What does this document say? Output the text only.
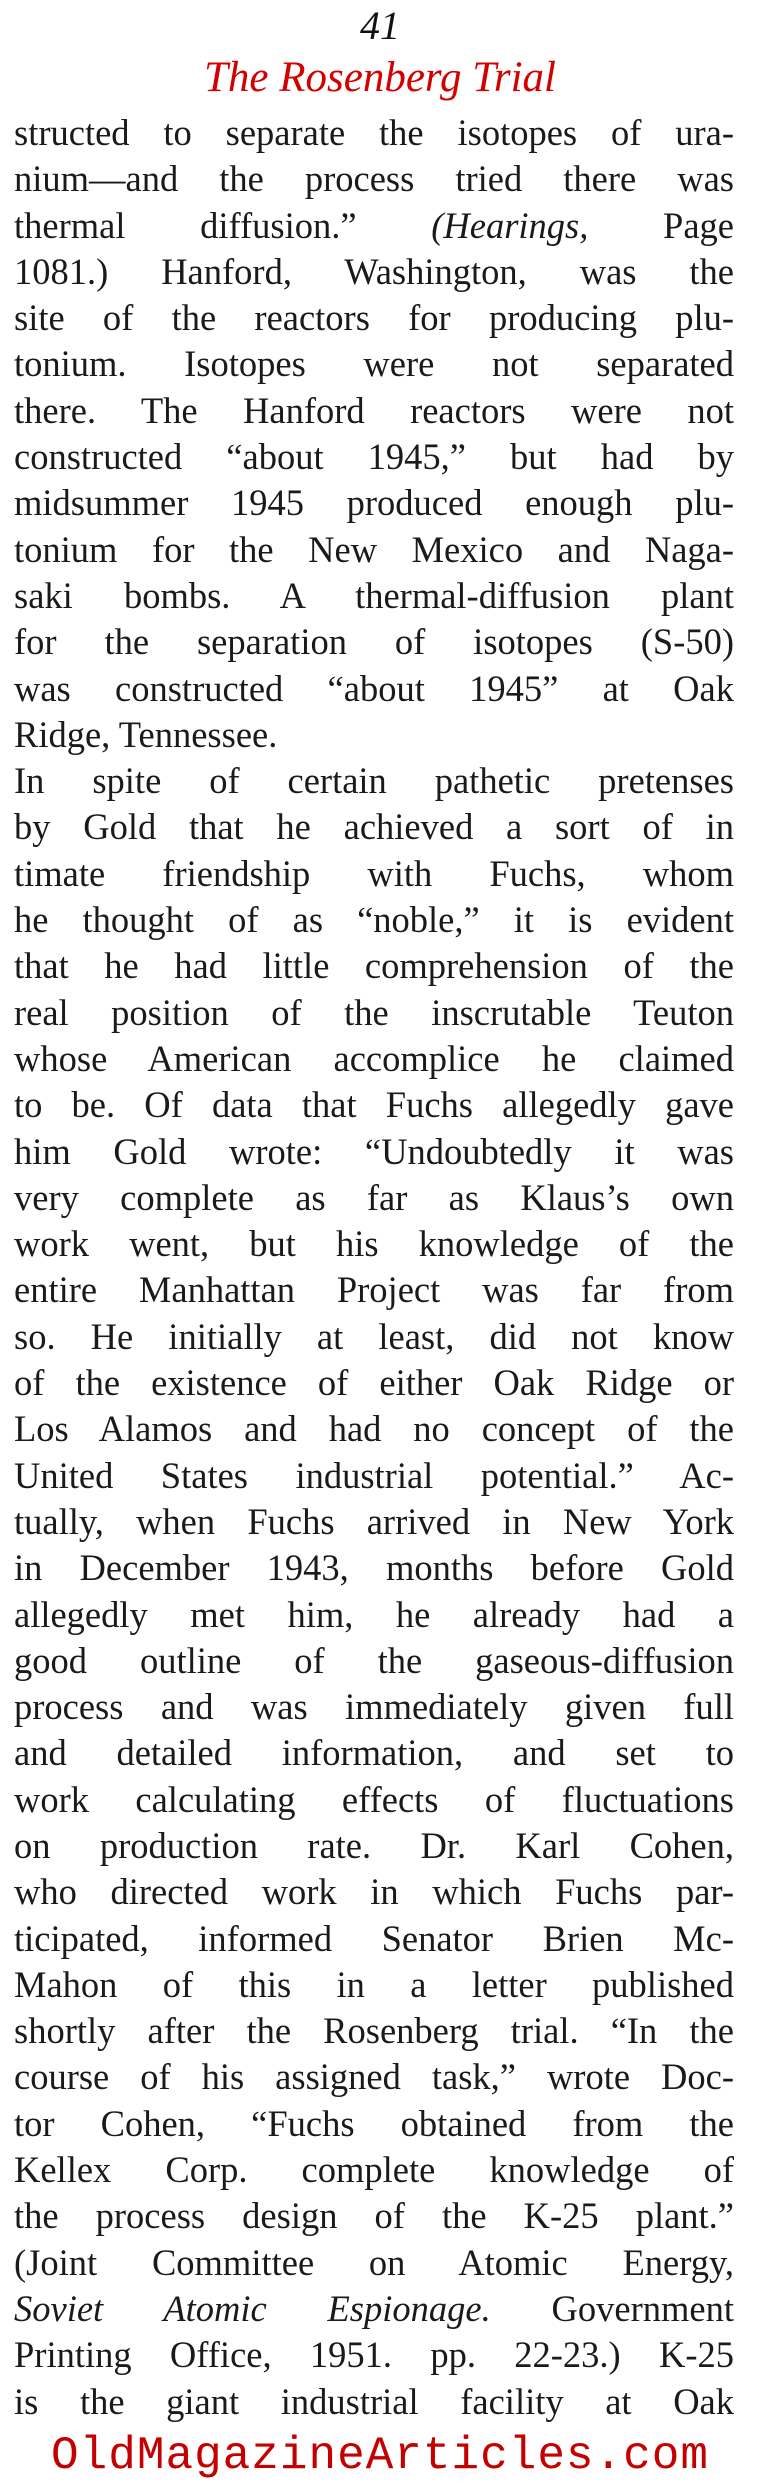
41
The Rosenberg Trial
structed to separate the isotopes of ura-
nium—and the process tried there was
thermal diffusion.” (Hearings, Page
1081.) Hanford, Washington, was the
site of the reactors for producing plu-
tonium. Isotopes were not separated
there. The Hanford reactors were not
constructed “about 1945,” but had by
midsummer 1945 produced enough plu-
tonium for the New Mexico and Naga-
saki bombs. A thermal-diffusion plant
for the separation of isotopes (S-50)
was constructed “about 1945” at Oak
Ridge, Tennessee.
In spite of certain pathetic pretenses
by Gold that he achieved a sort of in
timate friendship with Fuchs, whom
he thought of as “noble,” it is evident
that he had little comprehension of the
real position of the inscrutable Teuton
whose American accomplice he claimed
to be. Of data that Fuchs allegedly gave
him Gold wrote: “Undoubtedly it was
very complete as far as Klaus’s own
work went, but his knowledge of the
entire Manhattan Project was far from
so. He initially at least, did not know
of the existence of either Oak Ridge or
Los Alamos and had no concept of the
United States industrial potential.” Ac-
tually, when Fuchs arrived in New York
in December 1943, months before Gold
allegedly met him, he already had a
good outline of the gaseous-diffusion
process and was immediately given full
and detailed information, and set to
work calculating effects of fluctuations
on production rate. Dr. Karl Cohen,
who directed work in which Fuchs par-
ticipated, informed Senator Brien Mc-
Mahon of this in a letter published
shortly after the Rosenberg trial. “In the
course of his assigned task,” wrote Doc-
tor Cohen, “Fuchs obtained from the
Kellex Corp. complete knowledge of
the process design of the K-25 plant.”
(Joint Committee on Atomic Energy,
Soviet Atomic Espionage. Government
Printing Office, 1951. pp. 22-23.) K-25
is the giant industrial facility at Oak
OldMagazineArticles.com
